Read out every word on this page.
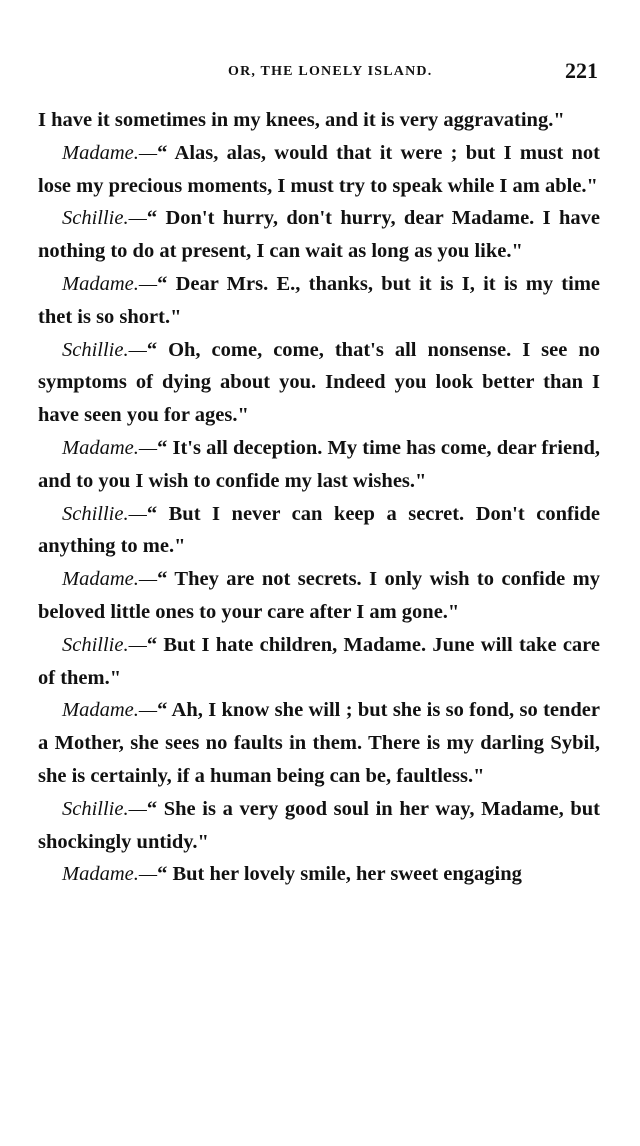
OR, THE LONELY ISLAND.	221

I have it sometimes in my knees, and it is very aggravating."

Madame.—“ Alas, alas, would that it were ; but I must not lose my precious moments, I must try to speak while I am able."

Schillie.—“ Don't hurry, don't hurry, dear Madame. I have nothing to do at present, I can wait as long as you like."

Madame.—“ Dear Mrs. E., thanks, but it is I, it is my time thet is so short."

Schillie.—“ Oh, come, come, that's all nonsense. I see no symptoms of dying about you. Indeed you look better than I have seen you for ages."

Madame.—“ It's all deception. My time has come, dear friend, and to you I wish to confide my last wishes."

Schillie.—“ But I never can keep a secret. Don't confide anything to me."

Madame.—“ They are not secrets. I only wish to confide my beloved little ones to your care after I am gone."

Schillie.—“ But I hate children, Madame. June will take care of them."

Madame.—“ Ah, I know she will ; but she is so fond, so tender a Mother, she sees no faults in them. There is my darling Sybil, she is certainly, if a human being can be, faultless."

Schillie.—“ She is a very good soul in her way, Madame, but shockingly untidy."

Madame.—“ But her lovely smile, her sweet engaging
